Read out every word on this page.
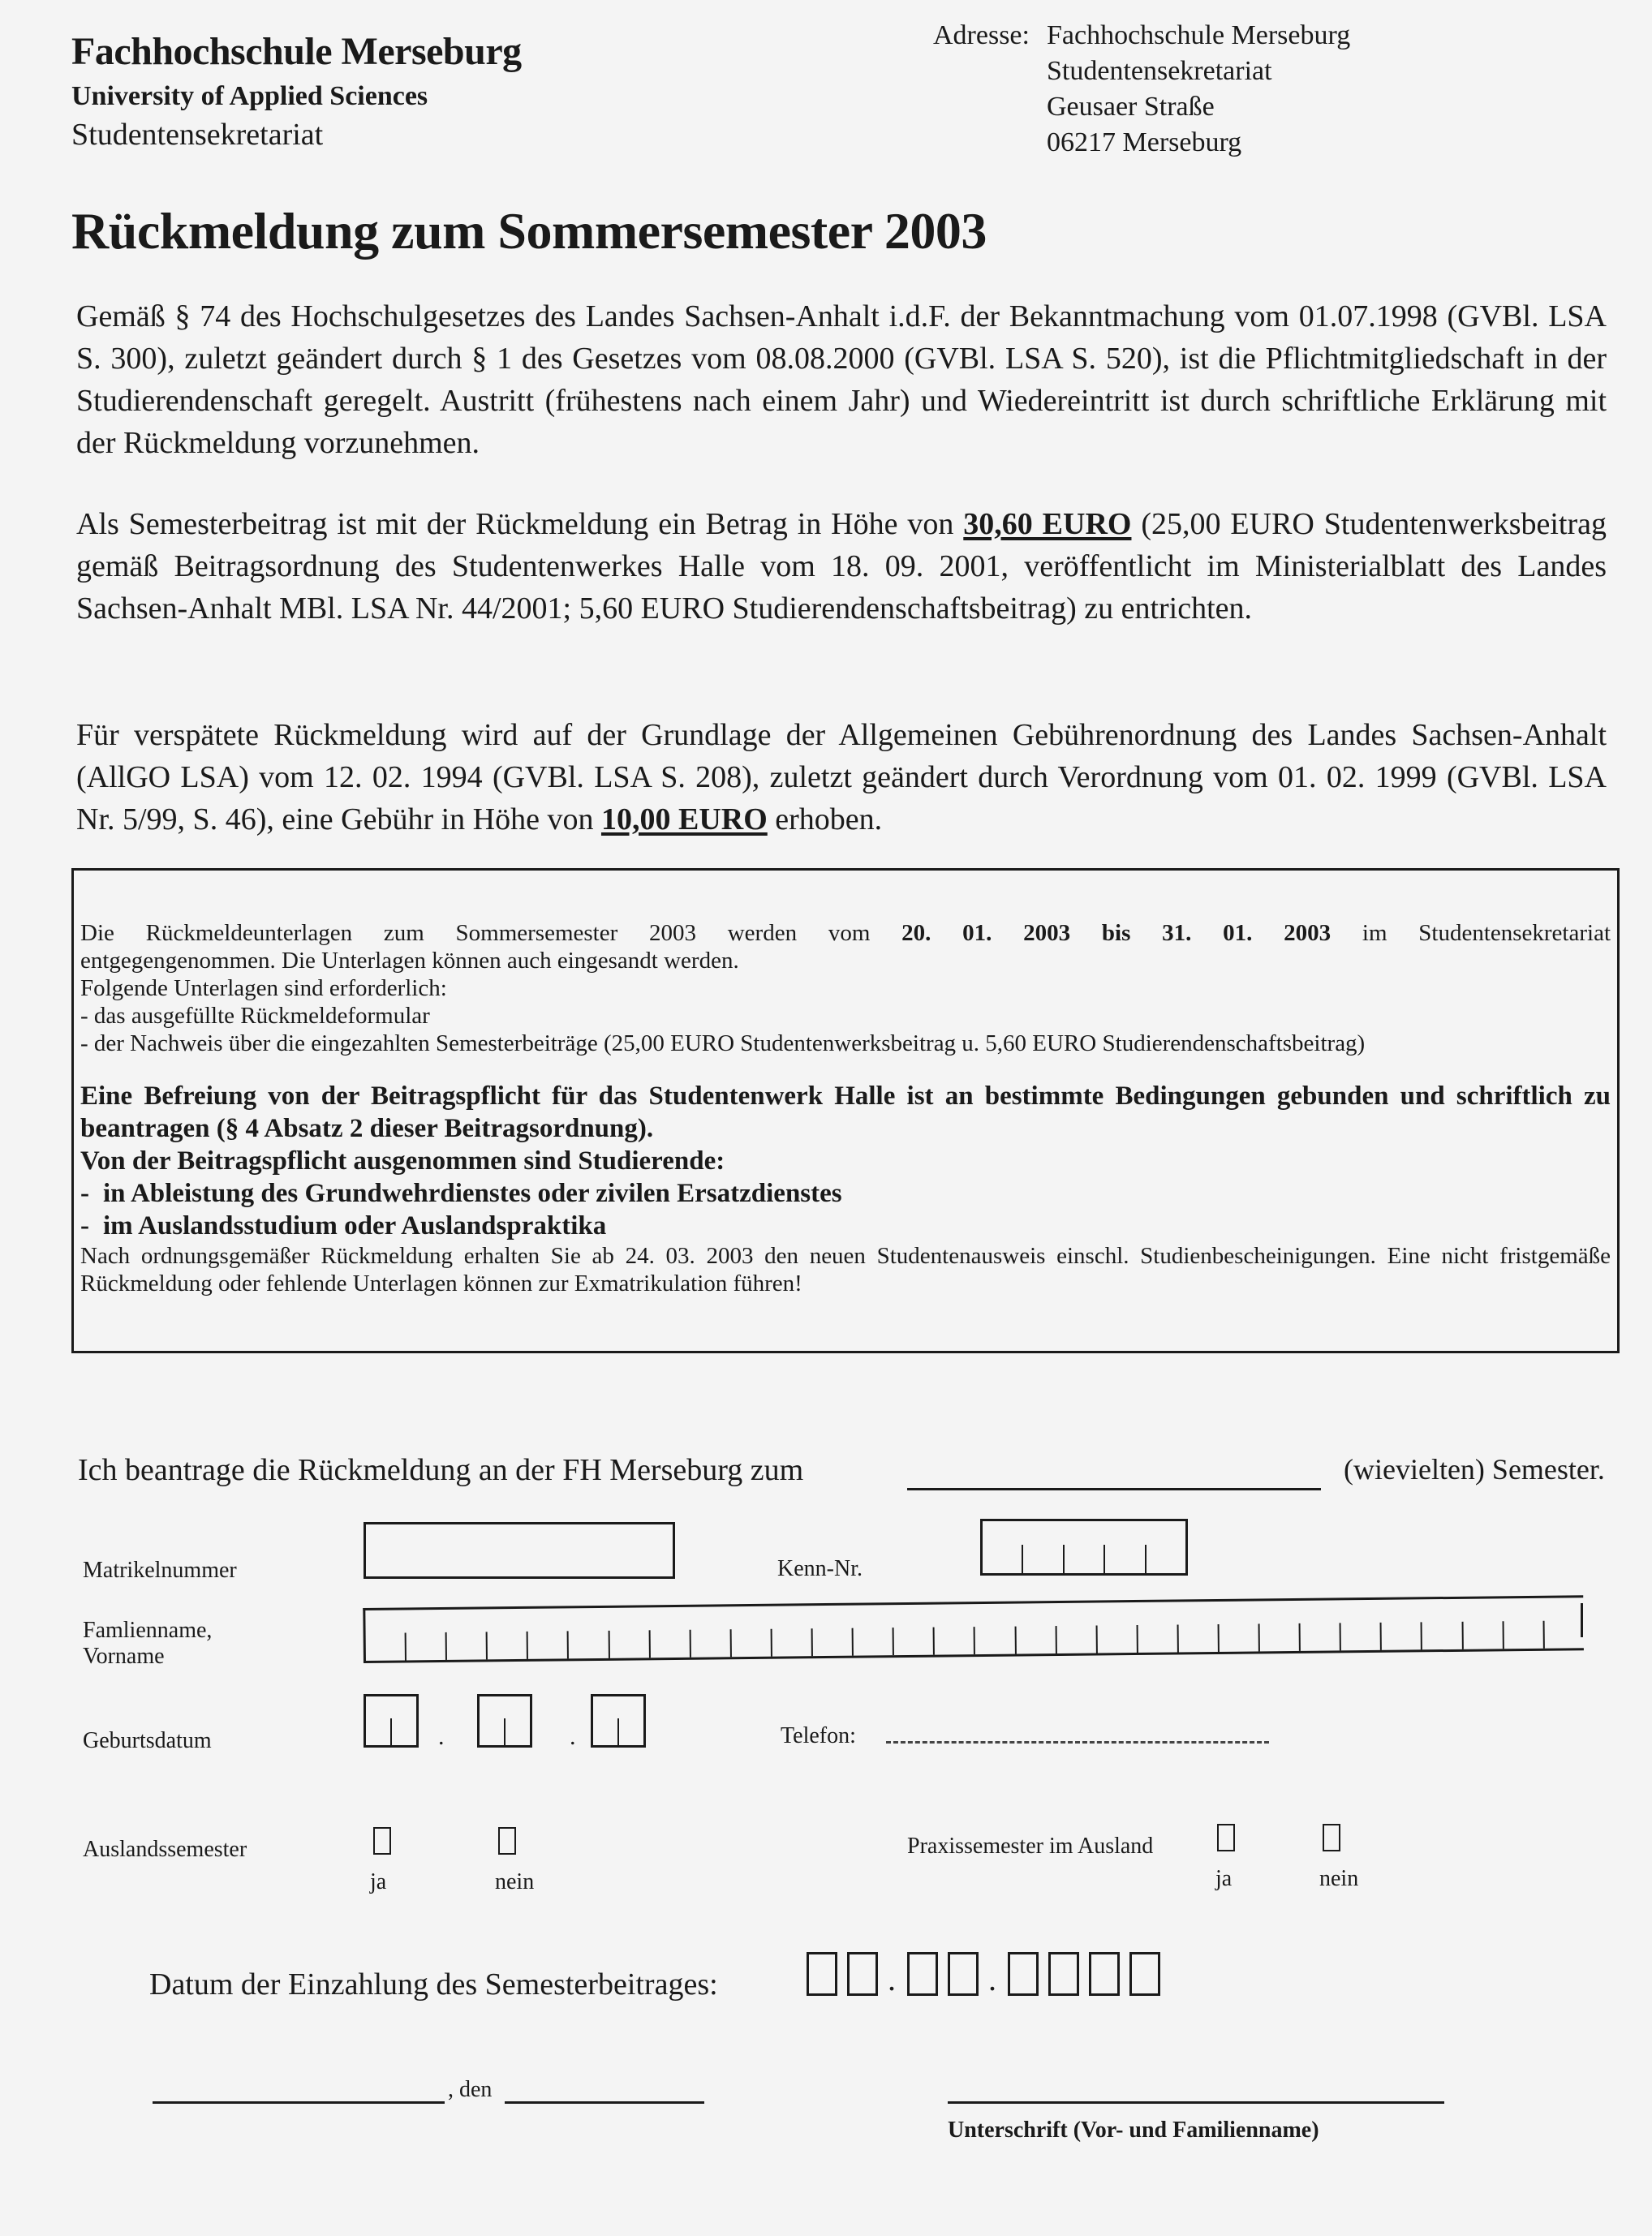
Fachhochschule Merseburg
University of Applied Sciences
Studentensekretariat
Adresse: Fachhochschule Merseburg
Studentensekretariat
Geusaer Straße
06217 Merseburg
Rückmeldung zum Sommersemester 2003
Gemäß § 74 des Hochschulgesetzes des Landes Sachsen-Anhalt i.d.F. der Bekanntmachung vom 01.07.1998 (GVBl. LSA S. 300), zuletzt geändert durch § 1 des Gesetzes vom 08.08.2000 (GVBl. LSA S. 520), ist die Pflichtmitgliedschaft in der Studierendenschaft geregelt. Austritt (frühestens nach einem Jahr) und Wiedereintritt ist durch schriftliche Erklärung mit der Rückmeldung vorzunehmen.
Als Semesterbeitrag ist mit der Rückmeldung ein Betrag in Höhe von 30,60 EURO (25,00 EURO Studentenwerksbeitrag gemäß Beitragsordnung des Studentenwerkes Halle vom 18. 09. 2001, veröffentlicht im Ministerialblatt des Landes Sachsen-Anhalt MBl. LSA Nr. 44/2001; 5,60 EURO Studierendenschaftsbeitrag) zu entrichten.
Für verspätete Rückmeldung wird auf der Grundlage der Allgemeinen Gebührenordnung des Landes Sachsen-Anhalt (AllGO LSA) vom 12. 02. 1994 (GVBl. LSA S. 208), zuletzt geändert durch Verordnung vom 01. 02. 1999 (GVBl. LSA Nr. 5/99, S. 46), eine Gebühr in Höhe von 10,00 EURO erhoben.
Die Rückmeldeunterlagen zum Sommersemester 2003 werden vom 20. 01. 2003 bis 31. 01. 2003 im Studentensekretariat
entgegengenommen. Die Unterlagen können auch eingesandt werden.
Folgende Unterlagen sind erforderlich:
- das ausgefüllte Rückmeldeformular
- der Nachweis über die eingezahlten Semesterbeiträge (25,00 EURO Studentenwerksbeitrag u. 5,60 EURO Studierendenschaftsbeitrag)
Eine Befreiung von der Beitragspflicht für das Studentenwerk Halle ist an bestimmte Bedingungen gebunden und schriftlich zu beantragen (§ 4 Absatz 2 dieser Beitragsordnung).
Von der Beitragspflicht ausgenommen sind Studierende:
- in Ableistung des Grundwehrdienstes oder zivilen Ersatzdienstes
- im Auslandsstudium oder Auslandspraktika
Nach ordnungsgemäßer Rückmeldung erhalten Sie ab 24. 03. 2003 den neuen Studentenausweis einschl. Studienbescheinigungen. Eine nicht fristgemäße Rückmeldung oder fehlende Unterlagen können zur Exmatrikulation führen!
Ich beantrage die Rückmeldung an der FH Merseburg zum	(wievielten) Semester.
Matrikelnummer	Kenn-Nr.
Famlienname,
Vorname
Geburtsdatum	.	.	Telefon:
Auslandssemester
ja	nein
Praxissemester im Ausland
ja	nein
Datum der Einzahlung des Semesterbeitrages:	.	.
, den
Unterschrift (Vor- und Familienname)
